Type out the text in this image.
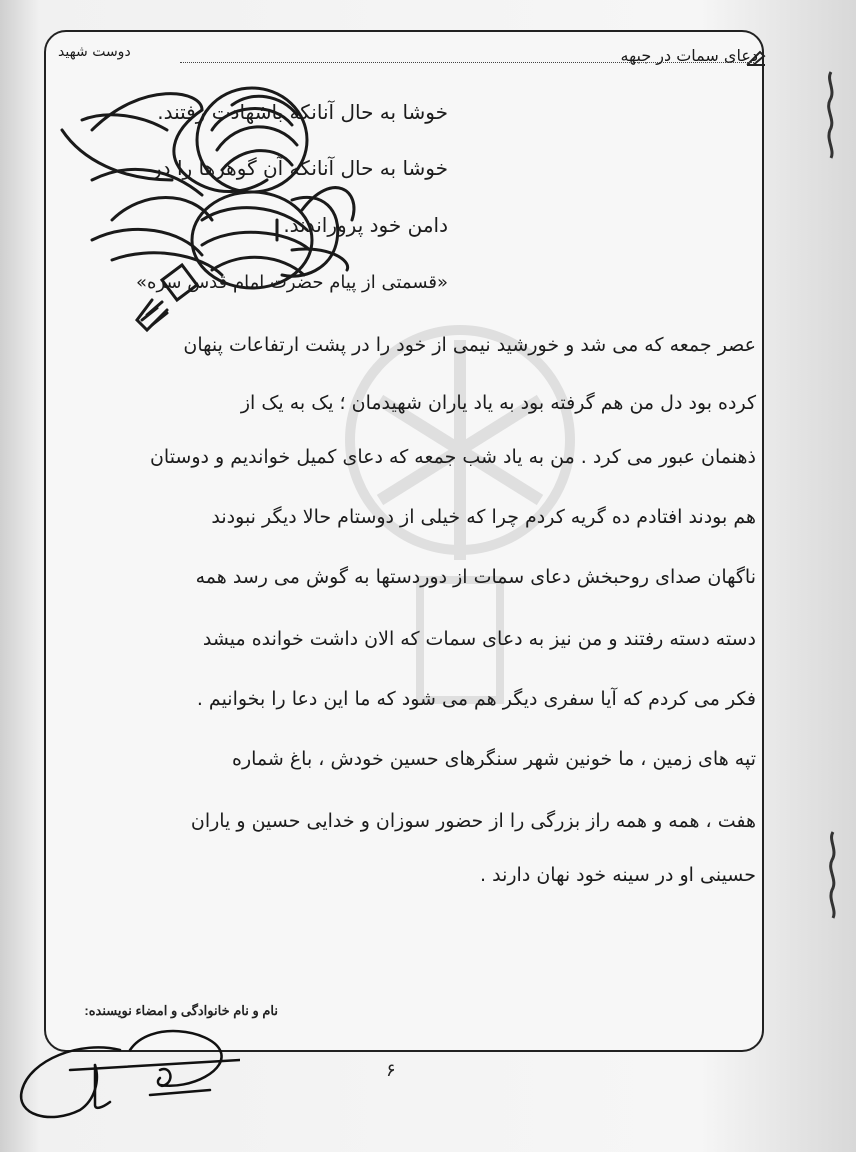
دعای سمات در جبهه
دوست شهید
خوشا به حال آنانکه باشهادت رفتند.
خوشا به حال آنانکه آن گوهرها را در
دامن خود پروراندند.
«قسمتی از پیام حضرت امام قدس سره»
عصر جمعه که می شد و خورشید نیمی از خود را در پشت ارتفاعات پنهان
کرده بود دل من هم گرفته بود به یاد یاران شهیدمان ؛ یک به یک از
ذهنمان عبور می کرد . من به یاد شب جمعه که دعای کمیل خواندیم و دوستان
هم بودند افتادم ده گریه کردم چرا که خیلی از دوستام حالا دیگر نبودند
ناگهان صدای روحبخش دعای سمات از دوردستها به گوش می رسد همه
دسته دسته رفتند و من نیز به دعای سمات که الان داشت خوانده میشد
فکر می کردم که آیا سفری دیگر هم می شود که ما این دعا را بخوانیم .
تپه های زمین ، ما خونین شهر سنگرهای حسین خودش ، باغ شماره
هفت ، همه و همه راز بزرگی را از حضور سوزان و خدایی حسین و یاران
حسینی او در سینه خود نهان دارند .
نام و نام خانوادگی و امضاء نویسنده:
۶
